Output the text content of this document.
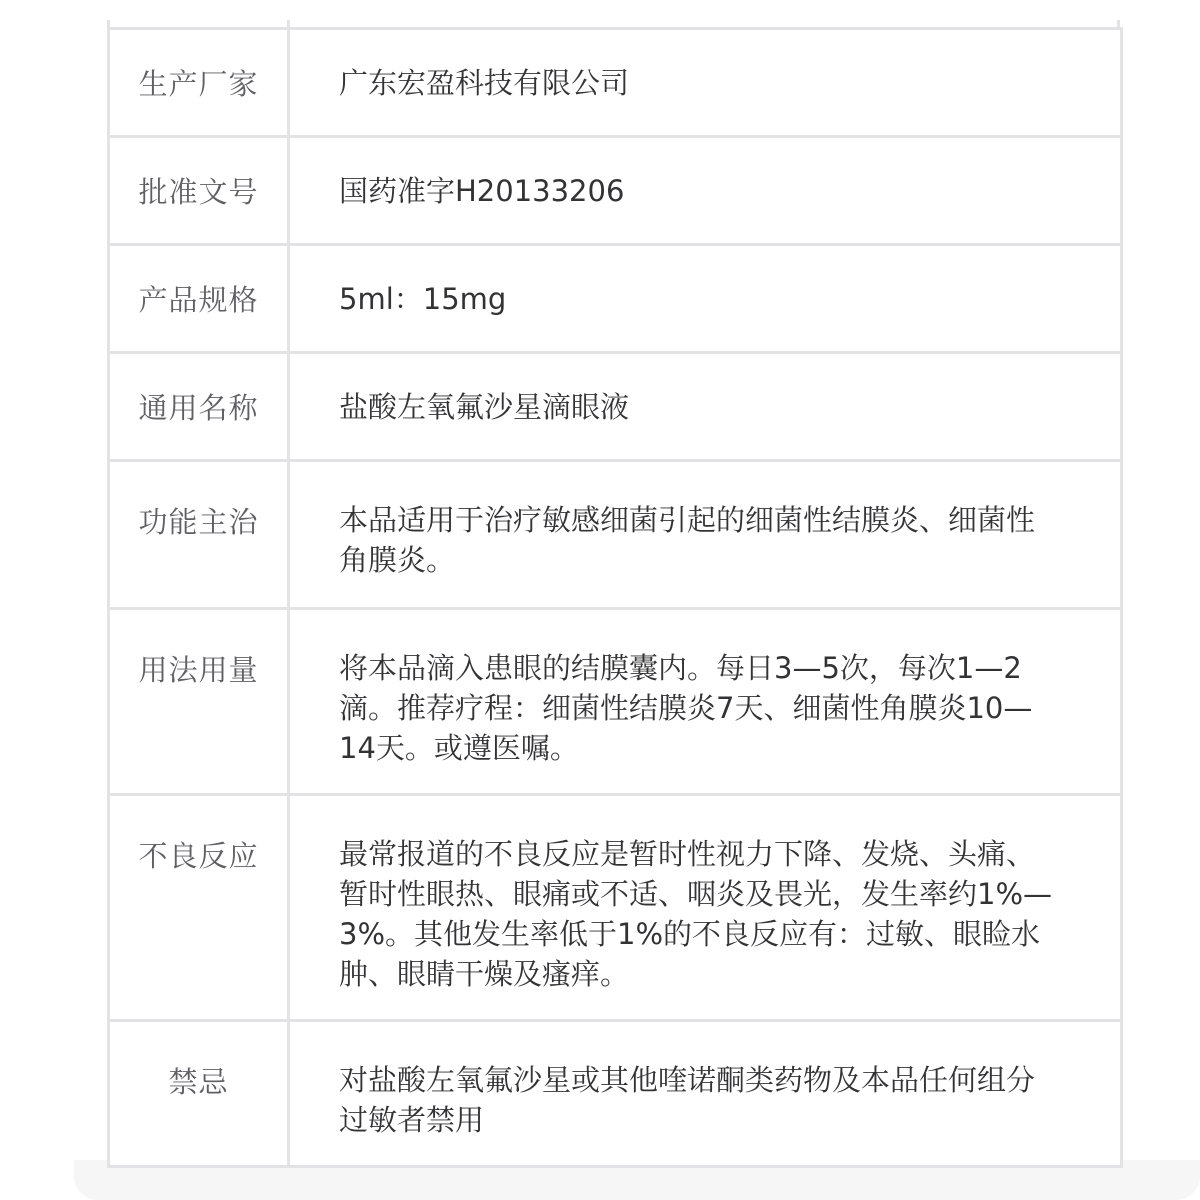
生产厂家	广东宏盈科技有限公司
批准文号	国药准字H20133206
产品规格	5ml：15mg
通用名称	盐酸左氧氟沙星滴眼液
功能主治	本品适用于治疗敏感细菌引起的细菌性结膜炎、细菌性角膜炎。
用法用量	将本品滴入患眼的结膜囊内。每日3—5次，每次1—2滴。推荐疗程：细菌性结膜炎7天、细菌性角膜炎10—14天。或遵医嘱。
不良反应	最常报道的不良反应是暂时性视力下降、发烧、头痛、暂时性眼热、眼痛或不适、咽炎及畏光，发生率约1%—3%。其他发生率低于1%的不良反应有：过敏、眼睑水肿、眼睛干燥及瘙痒。
禁忌	对盐酸左氧氟沙星或其他喹诺酮类药物及本品任何组分过敏者禁用
